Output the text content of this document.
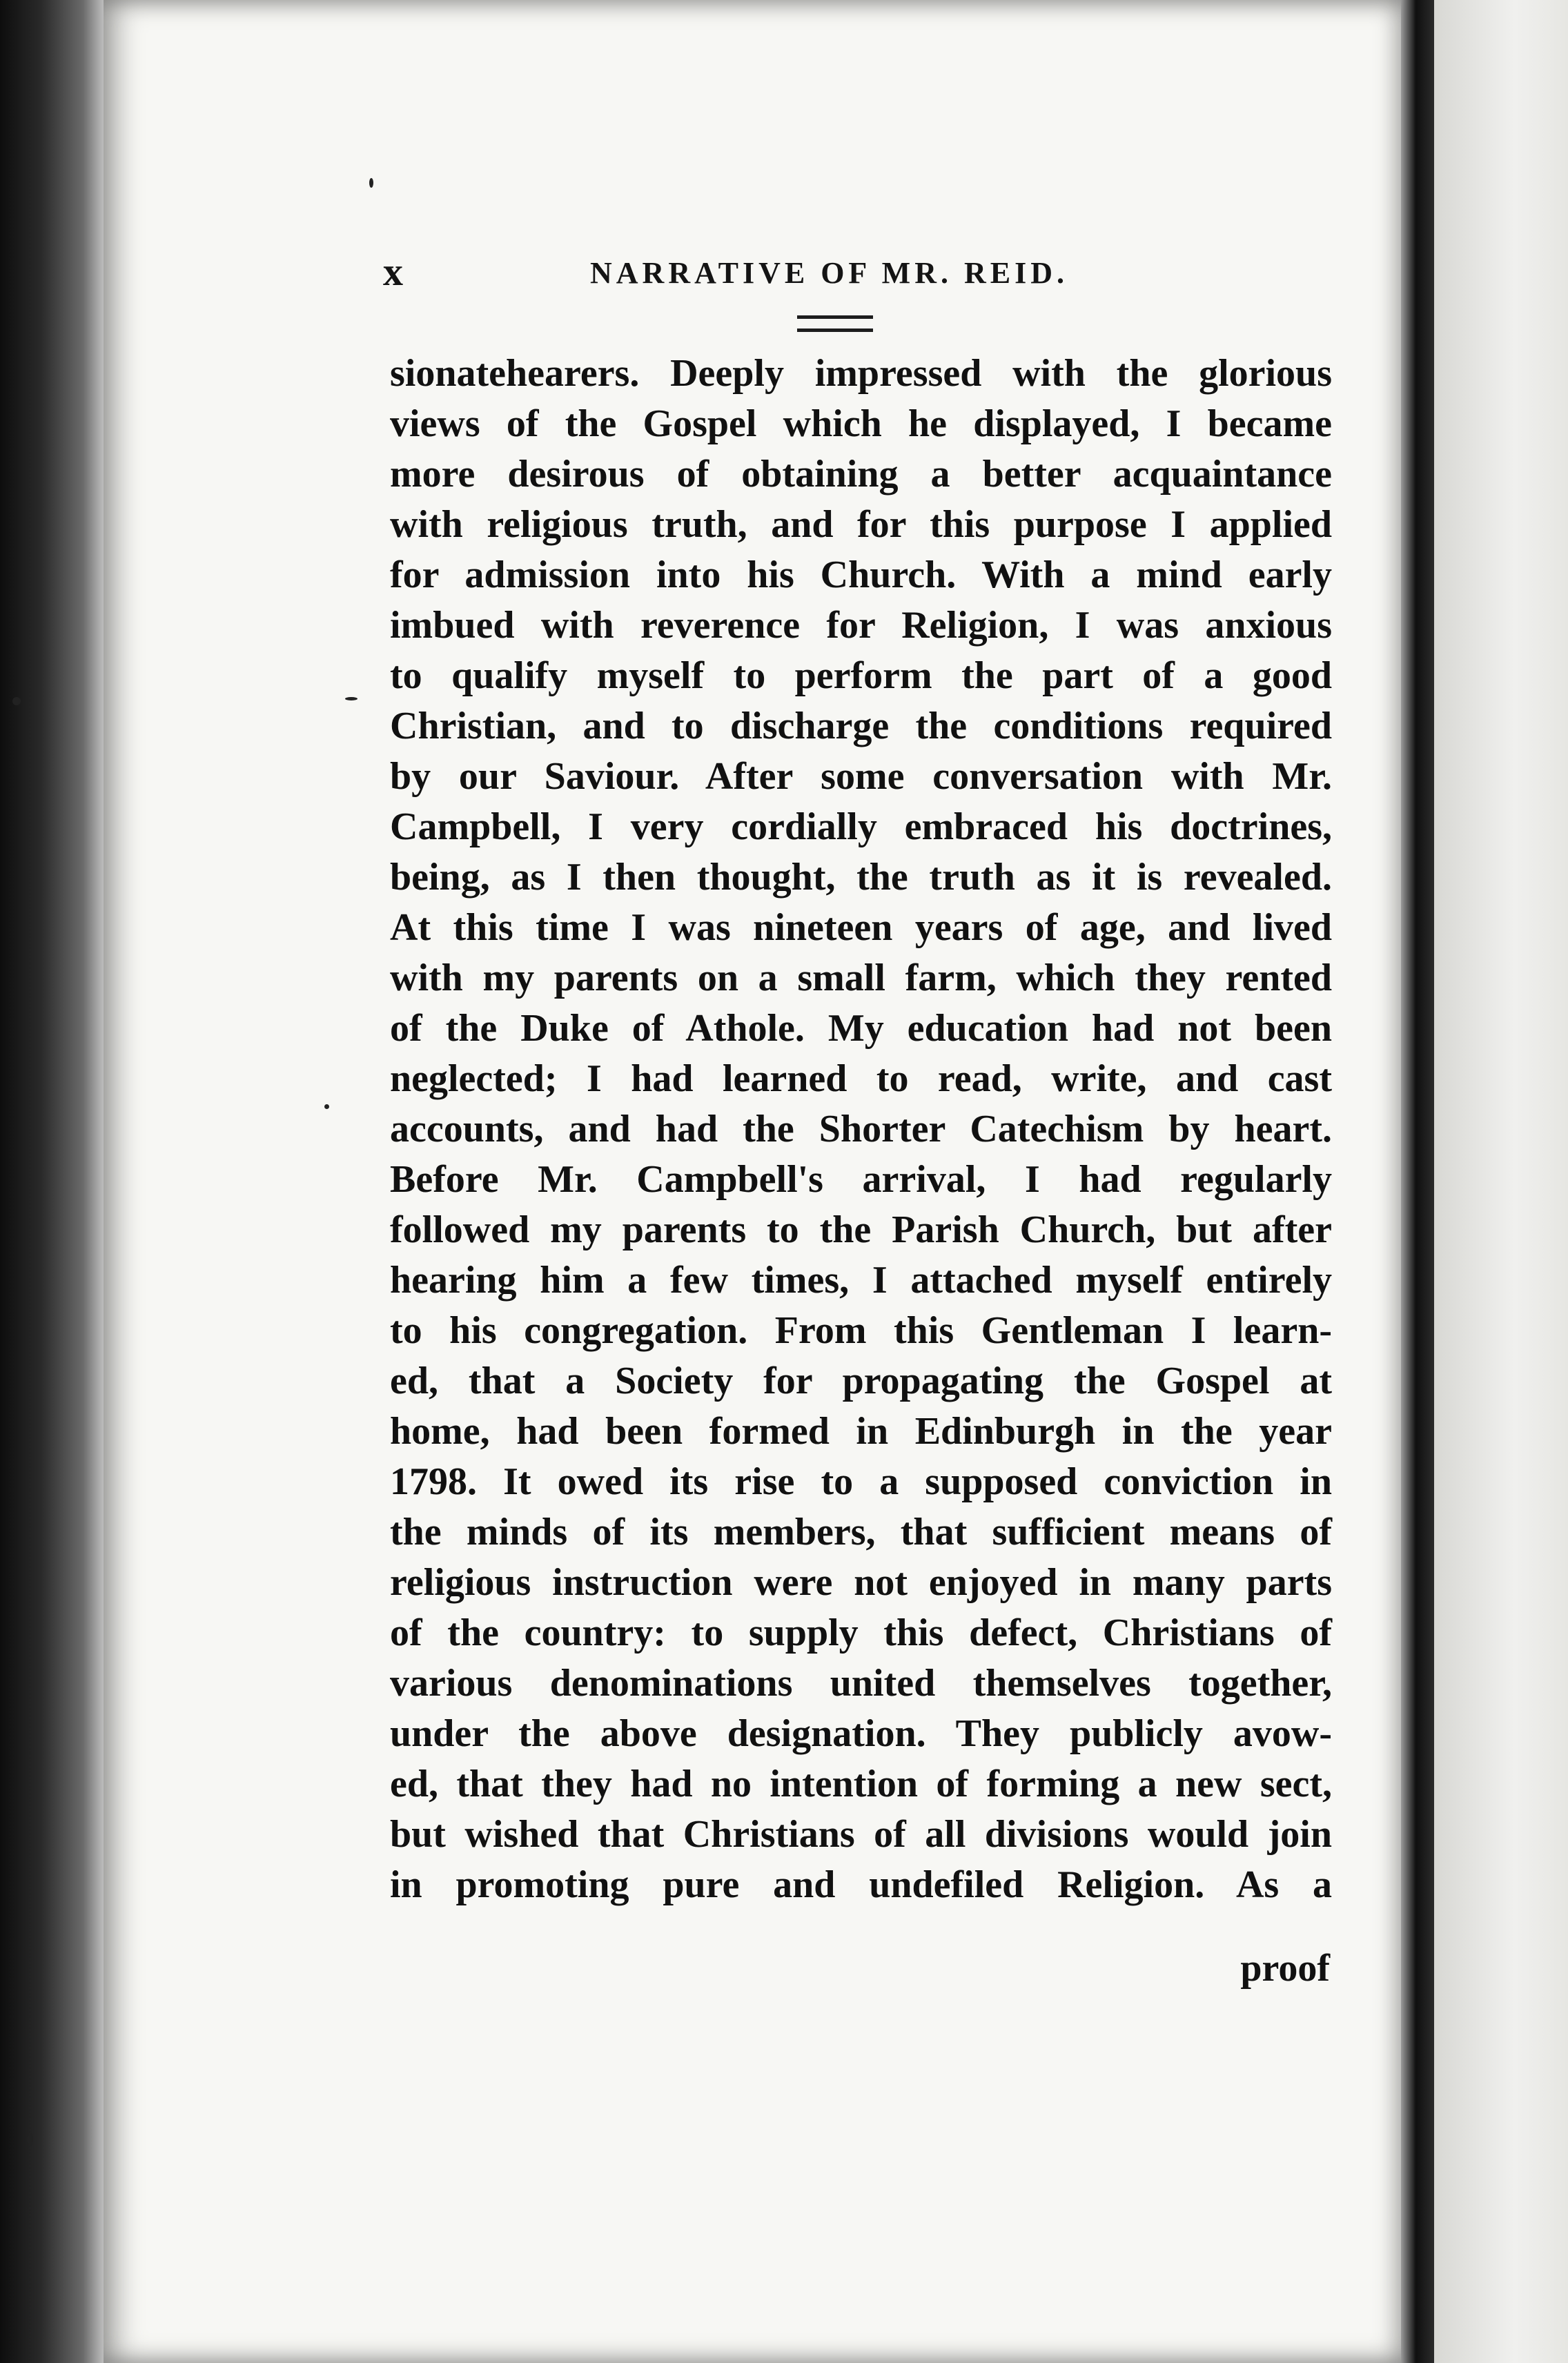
x	NARRATIVE OF MR. REID.
sionatehearers. Deeply impressed with the glorious
views of the Gospel which he displayed, I became
more desirous of obtaining a better acquaintance
with religious truth, and for this purpose I applied
for admission into his Church. With a mind early
imbued with reverence for Religion, I was anxious
to qualify myself to perform the part of a good
Christian, and to discharge the conditions required
by our Saviour. After some conversation with Mr.
Campbell, I very cordially embraced his doctrines,
being, as I then thought, the truth as it is revealed.
At this time I was nineteen years of age, and lived
with my parents on a small farm, which they rented
of the Duke of Athole. My education had not been
neglected; I had learned to read, write, and cast
accounts, and had the Shorter Catechism by heart.
Before Mr. Campbell's arrival, I had regularly
followed my parents to the Parish Church, but after
hearing him a few times, I attached myself entirely
to his congregation. From this Gentleman I learn-
ed, that a Society for propagating the Gospel at
home, had been formed in Edinburgh in the year
1798. It owed its rise to a supposed conviction in
the minds of its members, that sufficient means of
religious instruction were not enjoyed in many parts
of the country: to supply this defect, Christians of
various denominations united themselves together,
under the above designation. They publicly avow-
ed, that they had no intention of forming a new sect,
but wished that Christians of all divisions would join
in promoting pure and undefiled Religion. As a
proof
